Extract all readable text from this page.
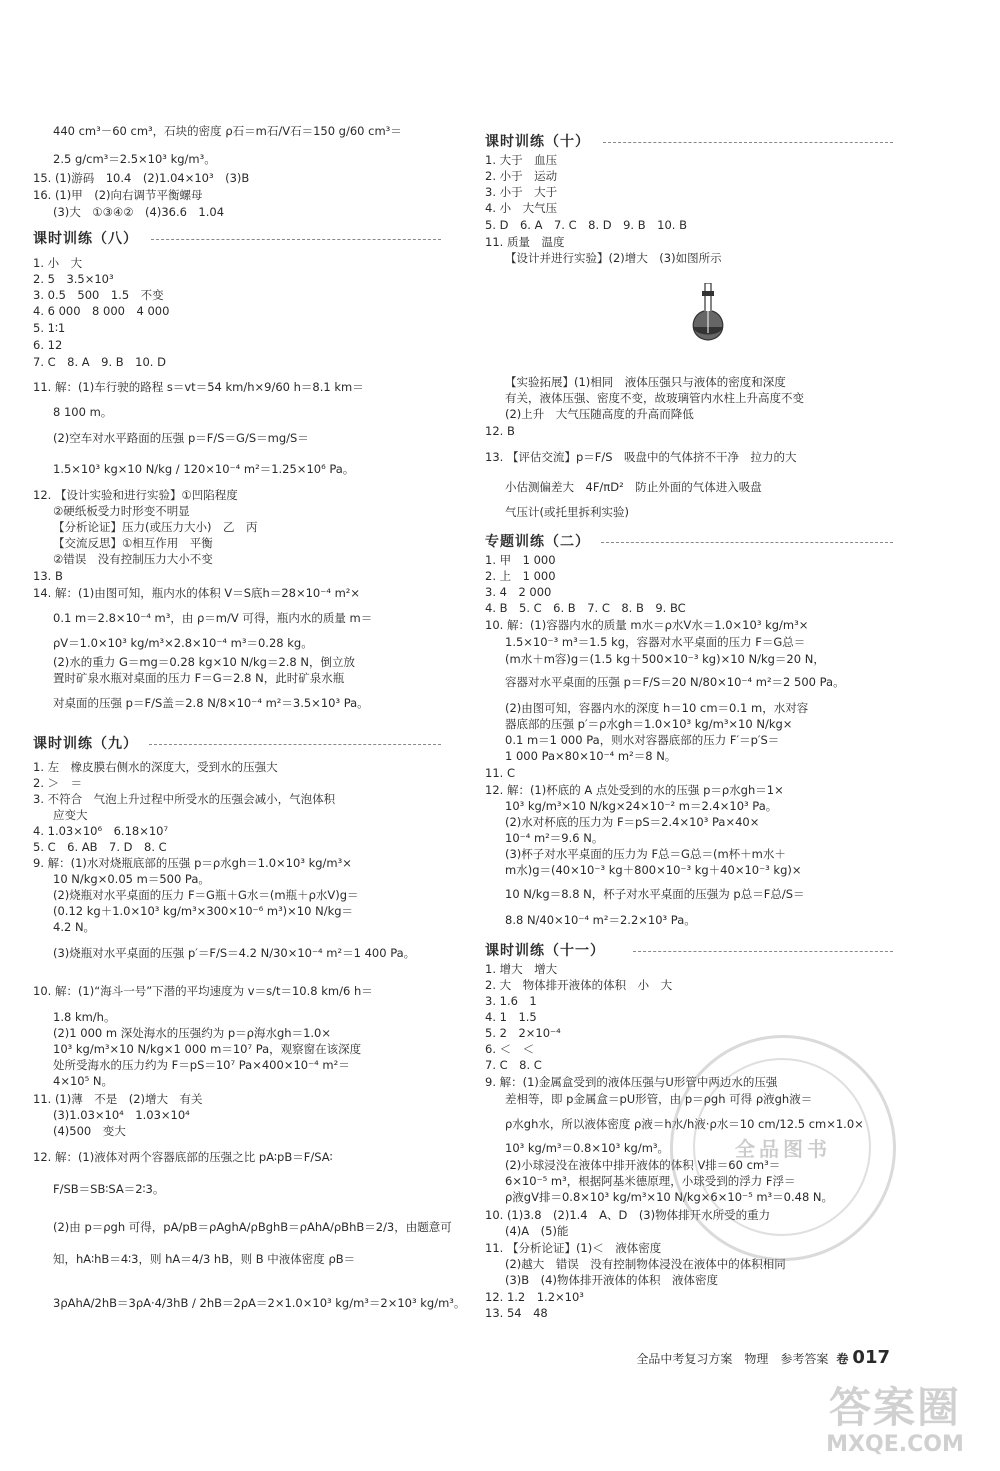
440 cm³－60 cm³，石块的密度 ρ石＝m石/V石＝150 g/60 cm³＝
2.5 g/cm³＝2.5×10³ kg/m³。
15. (1)游码　10.4　(2)1.04×10³　(3)B
16. (1)甲　(2)向右调节平衡螺母
(3)大　①③④②　(4)36.6　1.04
课时训练（八）
1. 小　大
2. 5　3.5×10³
3. 0.5　500　1.5　不变
4. 6 000　8 000　4 000
5. 1∶1
6. 12
7. C　8. A　9. B　10. D
11. 解：(1)车行驶的路程 s＝vt＝54 km/h×9/60 h＝8.1 km＝
8 100 m。
(2)空车对水平路面的压强 p＝F/S＝G/S＝mg/S＝
1.5×10³ kg×10 N/kg / 120×10⁻⁴ m²＝1.25×10⁶ Pa。
12. 【设计实验和进行实验】①凹陷程度
②硬纸板受力时形变不明显
【分析论证】压力(或压力大小)　乙　丙
【交流反思】①相互作用　平衡
②错误　没有控制压力大小不变
13. B
14. 解：(1)由图可知，瓶内水的体积 V＝S底h＝28×10⁻⁴ m²×
0.1 m＝2.8×10⁻⁴ m³，由 ρ＝m/V 可得，瓶内水的质量 m＝
ρV＝1.0×10³ kg/m³×2.8×10⁻⁴ m³＝0.28 kg。
(2)水的重力 G＝mg＝0.28 kg×10 N/kg＝2.8 N，倒立放
置时矿泉水瓶对桌面的压力 F＝G＝2.8 N，此时矿泉水瓶
对桌面的压强 p＝F/S盖＝2.8 N/8×10⁻⁴ m²＝3.5×10³ Pa。
课时训练（九）
1. 左　橡皮膜右侧水的深度大，受到水的压强大
2. ＞　＝
3. 不符合　气泡上升过程中所受水的压强会减小，气泡体积
应变大
4. 1.03×10⁶　6.18×10⁷
5. C　6. AB　7. D　8. C
9. 解：(1)水对烧瓶底部的压强 p＝ρ水gh＝1.0×10³ kg/m³×
10 N/kg×0.05 m＝500 Pa。
(2)烧瓶对水平桌面的压力 F＝G瓶＋G水＝(m瓶＋ρ水V)g＝
(0.12 kg＋1.0×10³ kg/m³×300×10⁻⁶ m³)×10 N/kg＝
4.2 N。
(3)烧瓶对水平桌面的压强 p′＝F/S＝4.2 N/30×10⁻⁴ m²＝1 400 Pa。
10. 解：(1)“海斗一号”下潜的平均速度为 v＝s/t＝10.8 km/6 h＝
1.8 km/h。
(2)1 000 m 深处海水的压强约为 p＝ρ海水gh＝1.0×
10³ kg/m³×10 N/kg×1 000 m＝10⁷ Pa，观察窗在该深度
处所受海水的压力约为 F＝pS＝10⁷ Pa×400×10⁻⁴ m²＝
4×10⁵ N。
11. (1)薄　不是　(2)增大　有关
(3)1.03×10⁴　1.03×10⁴
(4)500　变大
12. 解：(1)液体对两个容器底部的压强之比 pA∶pB＝F/SA∶
F/SB＝SB∶SA＝2∶3。
(2)由 p＝ρgh 可得，pA/pB＝ρAghA/ρBghB＝ρAhA/ρBhB＝2/3，由题意可
知，hA∶hB＝4∶3，则 hA＝4/3 hB，则 B 中液体密度 ρB＝
3ρAhA/2hB＝3ρA·4/3hB / 2hB＝2ρA＝2×1.0×10³ kg/m³＝2×10³ kg/m³。
课时训练（十）
1. 大于　血压
2. 小于　运动
3. 小于　大于
4. 小　大气压
5. D　6. A　7. C　8. D　9. B　10. B
11. 质量　温度
【设计并进行实验】(2)增大　(3)如图所示
【实验拓展】(1)相同　液体压强只与液体的密度和深度
有关，液体压强、密度不变，故玻璃管内水柱上升高度不变
(2)上升　大气压随高度的升高而降低
12. B
13. 【评估交流】p＝F/S　吸盘中的气体挤不干净　拉力的大
小估测偏差大　4F/πD²　防止外面的气体进入吸盘
气压计(或托里拆利实验)
专题训练（二）
1. 甲　1 000
2. 上　1 000
3. 4　2 000
4. B　5. C　6. B　7. C　8. B　9. BC
10. 解：(1)容器内水的质量 m水＝ρ水V水＝1.0×10³ kg/m³×
1.5×10⁻³ m³＝1.5 kg，容器对水平桌面的压力 F＝G总＝
(m水＋m容)g＝(1.5 kg＋500×10⁻³ kg)×10 N/kg＝20 N，
容器对水平桌面的压强 p＝F/S＝20 N/80×10⁻⁴ m²＝2 500 Pa。
(2)由图可知，容器内水的深度 h＝10 cm＝0.1 m，水对容
器底部的压强 p′＝ρ水gh＝1.0×10³ kg/m³×10 N/kg×
0.1 m＝1 000 Pa，则水对容器底部的压力 F′＝p′S＝
1 000 Pa×80×10⁻⁴ m²＝8 N。
11. C
12. 解：(1)杯底的 A 点处受到的水的压强 p＝ρ水gh＝1×
10³ kg/m³×10 N/kg×24×10⁻² m＝2.4×10³ Pa。
(2)水对杯底的压力为 F＝pS＝2.4×10³ Pa×40×
10⁻⁴ m²＝9.6 N。
(3)杯子对水平桌面的压力为 F总＝G总＝(m杯＋m水＋
m水)g＝(40×10⁻³ kg＋800×10⁻³ kg＋40×10⁻³ kg)×
10 N/kg＝8.8 N，杯子对水平桌面的压强为 p总＝F总/S＝
8.8 N/40×10⁻⁴ m²＝2.2×10³ Pa。
课时训练（十一）
1. 增大　增大
2. 大　物体排开液体的体积　小　大
3. 1.6　1
4. 1　1.5
5. 2　2×10⁻⁴
6. ＜　＜
7. C　8. C
9. 解：(1)金属盒受到的液体压强与U形管中两边水的压强
差相等，即 p金属盒＝pU形管，由 p＝ρgh 可得 ρ液gh液＝
ρ水gh水，所以液体密度 ρ液＝h水/h液·ρ水＝10 cm/12.5 cm×1.0×
10³ kg/m³＝0.8×10³ kg/m³。
(2)小球浸没在液体中排开液体的体积 V排＝60 cm³＝
6×10⁻⁵ m³，根据阿基米德原理，小球受到的浮力 F浮＝
ρ液gV排＝0.8×10³ kg/m³×10 N/kg×6×10⁻⁵ m³＝0.48 N。
10. (1)3.8　(2)1.4　A、D　(3)物体排开水所受的重力
(4)A　(5)能
11. 【分析论证】(1)＜　液体密度
(2)越大　错误　没有控制物体浸没在液体中的体积相同
(3)B　(4)物体排开液体的体积　液体密度
12. 1.2　1.2×10³
13. 54　48
全品图书
全品中考复习方案　物理　参考答案 卷 017
答案圈
MXQE.COM
